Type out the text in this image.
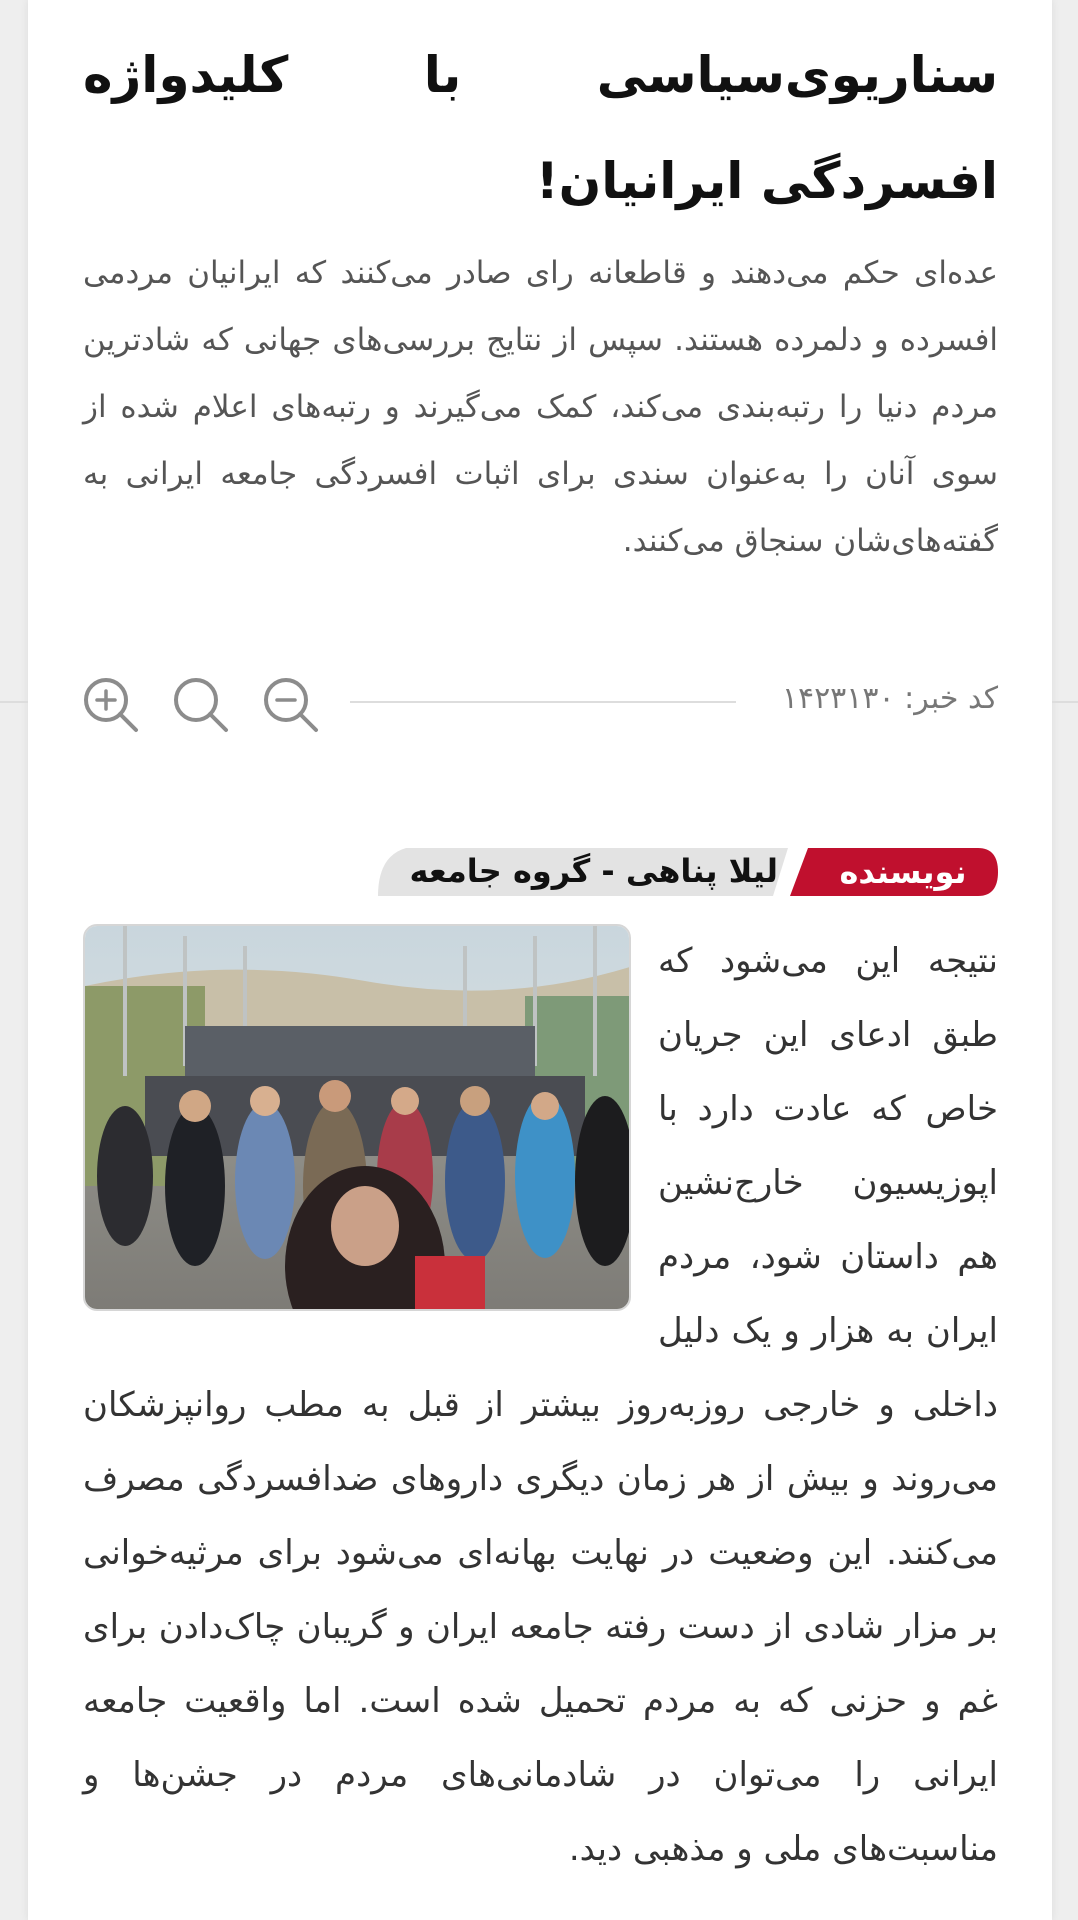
سناریوی‌سیاسی با کلیدواژه افسردگی ایرانیان!

عده‌ای حکم می‌دهند و قاطعانه رای صادر می‌کنند که ایرانیان مردمی افسرده و دلمرده هستند. سپس از نتایج بررسی‌های جهانی که شادترین مردم دنیا را رتبه‌بندی می‌کند، کمک می‌گیرند و رتبه‌های اعلام شده از سوی آنان را به‌عنوان سندی برای اثبات افسردگی جامعه ایرانی به گفته‌های‌شان سنجاق می‌کنند.

کد خبر: ۱۴۲۳۱۳۰
نویسنده
لیلا پناهی - گروه جامعه

نتیجه این می‌شود که طبق ادعای این جریان خاص که عادت دارد با اپوزیسیون خارج‌نشین هم داستان شود، مردم ایران به هزار و یک دلیل داخلی و خارجی روزبه‌روز بیشتر از قبل به مطب روانپزشکان می‌روند و بیش از هر زمان دیگری داروهای ضدافسردگی مصرف می‌کنند. این وضعیت در نهایت بهانه‌ای می‌شود برای مرثیه‌خوانی بر مزار شادی از دست رفته جامعه ایران و گریبان چاک‌دادن برای غم و حزنی که به مردم تحمیل شده است. اما واقعیت جامعه ایرانی را می‌توان در شادمانی‌های مردم در جشن‌ها و مناسبت‌های ملی و مذهبی دید.
